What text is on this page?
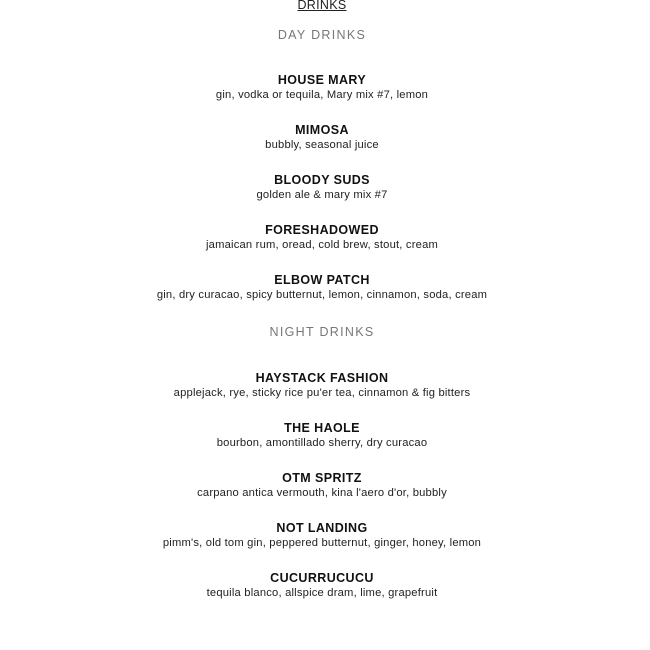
DRINKS
DAY DRINKS
HOUSE MARY
gin, vodka or tequila, Mary mix #7, lemon
MIMOSA
bubbly, seasonal juice
BLOODY SUDS
golden ale & mary mix #7
FORESHADOWED
jamaican rum, oread, cold brew, stout, cream
ELBOW PATCH
gin, dry curacao, spicy butternut, lemon, cinnamon, soda, cream
NIGHT DRINKS
HAYSTACK FASHION
applejack, rye, sticky rice pu'er tea, cinnamon & fig bitters
THE HAOLE
bourbon, amontillado sherry, dry curacao
OTM SPRITZ
carpano antica vermouth, kina l'aero d'or, bubbly
NOT LANDING
pimm's, old tom gin, peppered butternut, ginger, honey, lemon
CUCURRUCUCU
tequila blanco, allspice dram, lime, grapefruit
